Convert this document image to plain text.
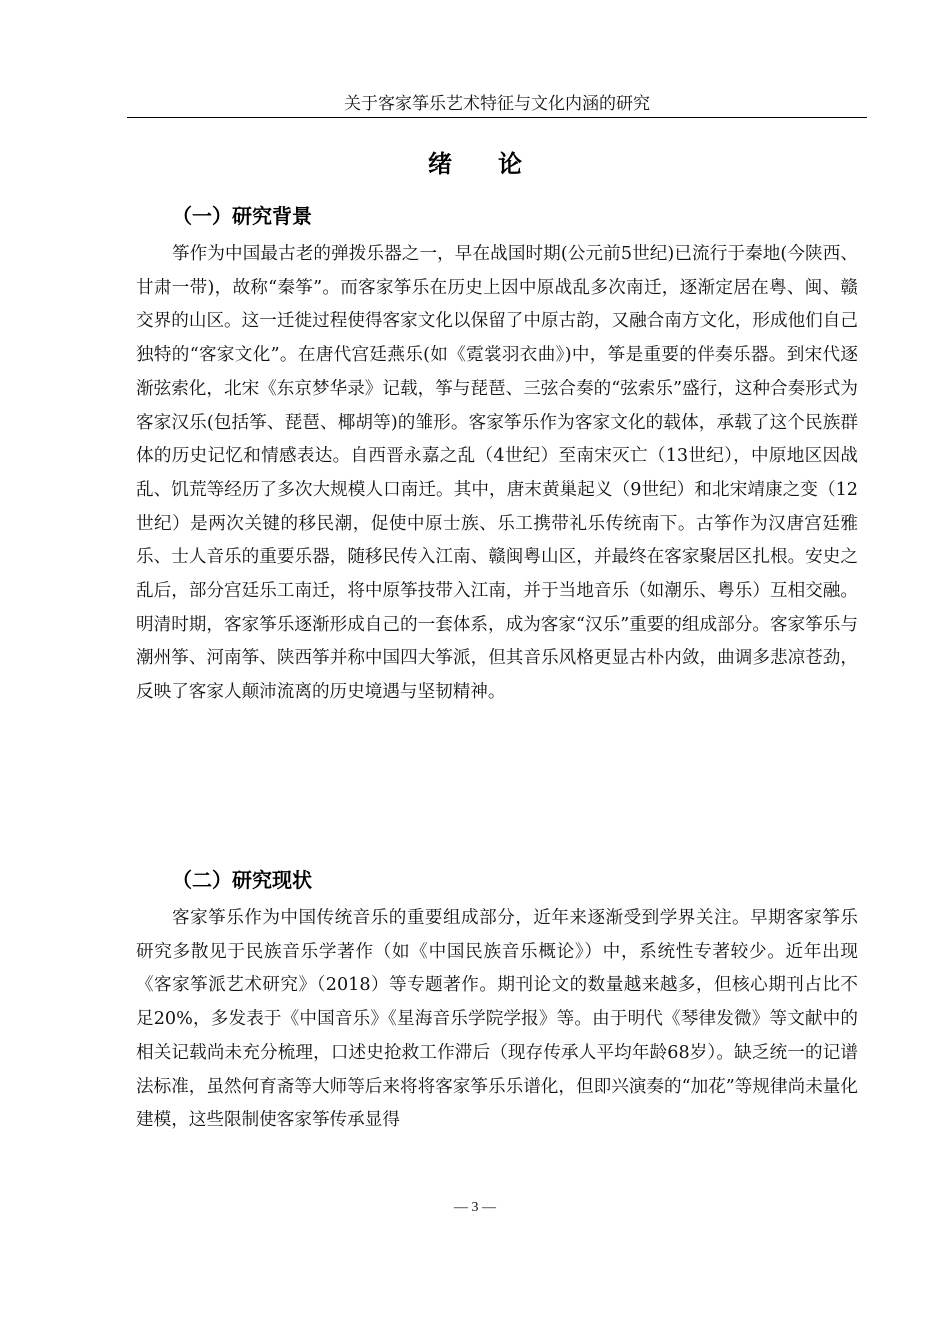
关于客家筝乐艺术特征与文化内涵的研究
绪论
（一）研究背景

筝作为中国最古老的弹拨乐器之一，早在战国时期(公元前5世纪)已流行于秦地(今陕西、甘肃一带)，故称“秦筝”。而客家筝乐在历史上因中原战乱多次南迁，逐渐定居在粤、闽、赣交界的山区。这一迁徙过程使得客家文化以保留了中原古韵，又融合南方文化，形成他们自己独特的“客家文化”。在唐代宫廷燕乐(如《霓裳羽衣曲》)中，筝是重要的伴奏乐器。到宋代逐渐弦索化，北宋《东京梦华录》记载，筝与琵琶、三弦合奏的“弦索乐”盛行，这种合奏形式为客家汉乐(包括筝、琵琶、椰胡等)的雏形。客家筝乐作为客家文化的载体，承载了这个民族群体的历史记忆和情感表达。自西晋永嘉之乱（4世纪）至南宋灭亡（13世纪），中原地区因战乱、饥荒等经历了多次大规模人口南迁。其中，唐末黄巢起义（9世纪）和北宋靖康之变（12世纪）是两次关键的移民潮，促使中原士族、乐工携带礼乐传统南下。古筝作为汉唐宫廷雅乐、士人音乐的重要乐器，随移民传入江南、赣闽粤山区，并最终在客家聚居区扎根。安史之乱后，部分宫廷乐工南迁，将中原筝技带入江南，并于当地音乐（如潮乐、粤乐）互相交融。明清时期，客家筝乐逐渐形成自己的一套体系，成为客家“汉乐”重要的组成部分。客家筝乐与潮州筝、河南筝、陕西筝并称中国四大筝派，但其音乐风格更显古朴内敛，曲调多悲凉苍劲，反映了客家人颠沛流离的历史境遇与坚韧精神。

（二）研究现状

客家筝乐作为中国传统音乐的重要组成部分，近年来逐渐受到学界关注。早期客家筝乐研究多散见于民族音乐学著作（如《中国民族音乐概论》）中，系统性专著较少。近年出现《客家筝派艺术研究》（2018）等专题著作。期刊论文的数量越来越多，但核心期刊占比不足20%，多发表于《中国音乐》《星海音乐学院学报》等。由于明代《琴律发微》等文献中的相关记载尚未充分梳理，口述史抢救工作滞后（现存传承人平均年龄68岁）。缺乏统一的记谱法标准，虽然何育斋等大师等后来将将客家筝乐乐谱化，但即兴演奏的“加花”等规律尚未量化建模，这些限制使客家筝传承显得

— 3 —
